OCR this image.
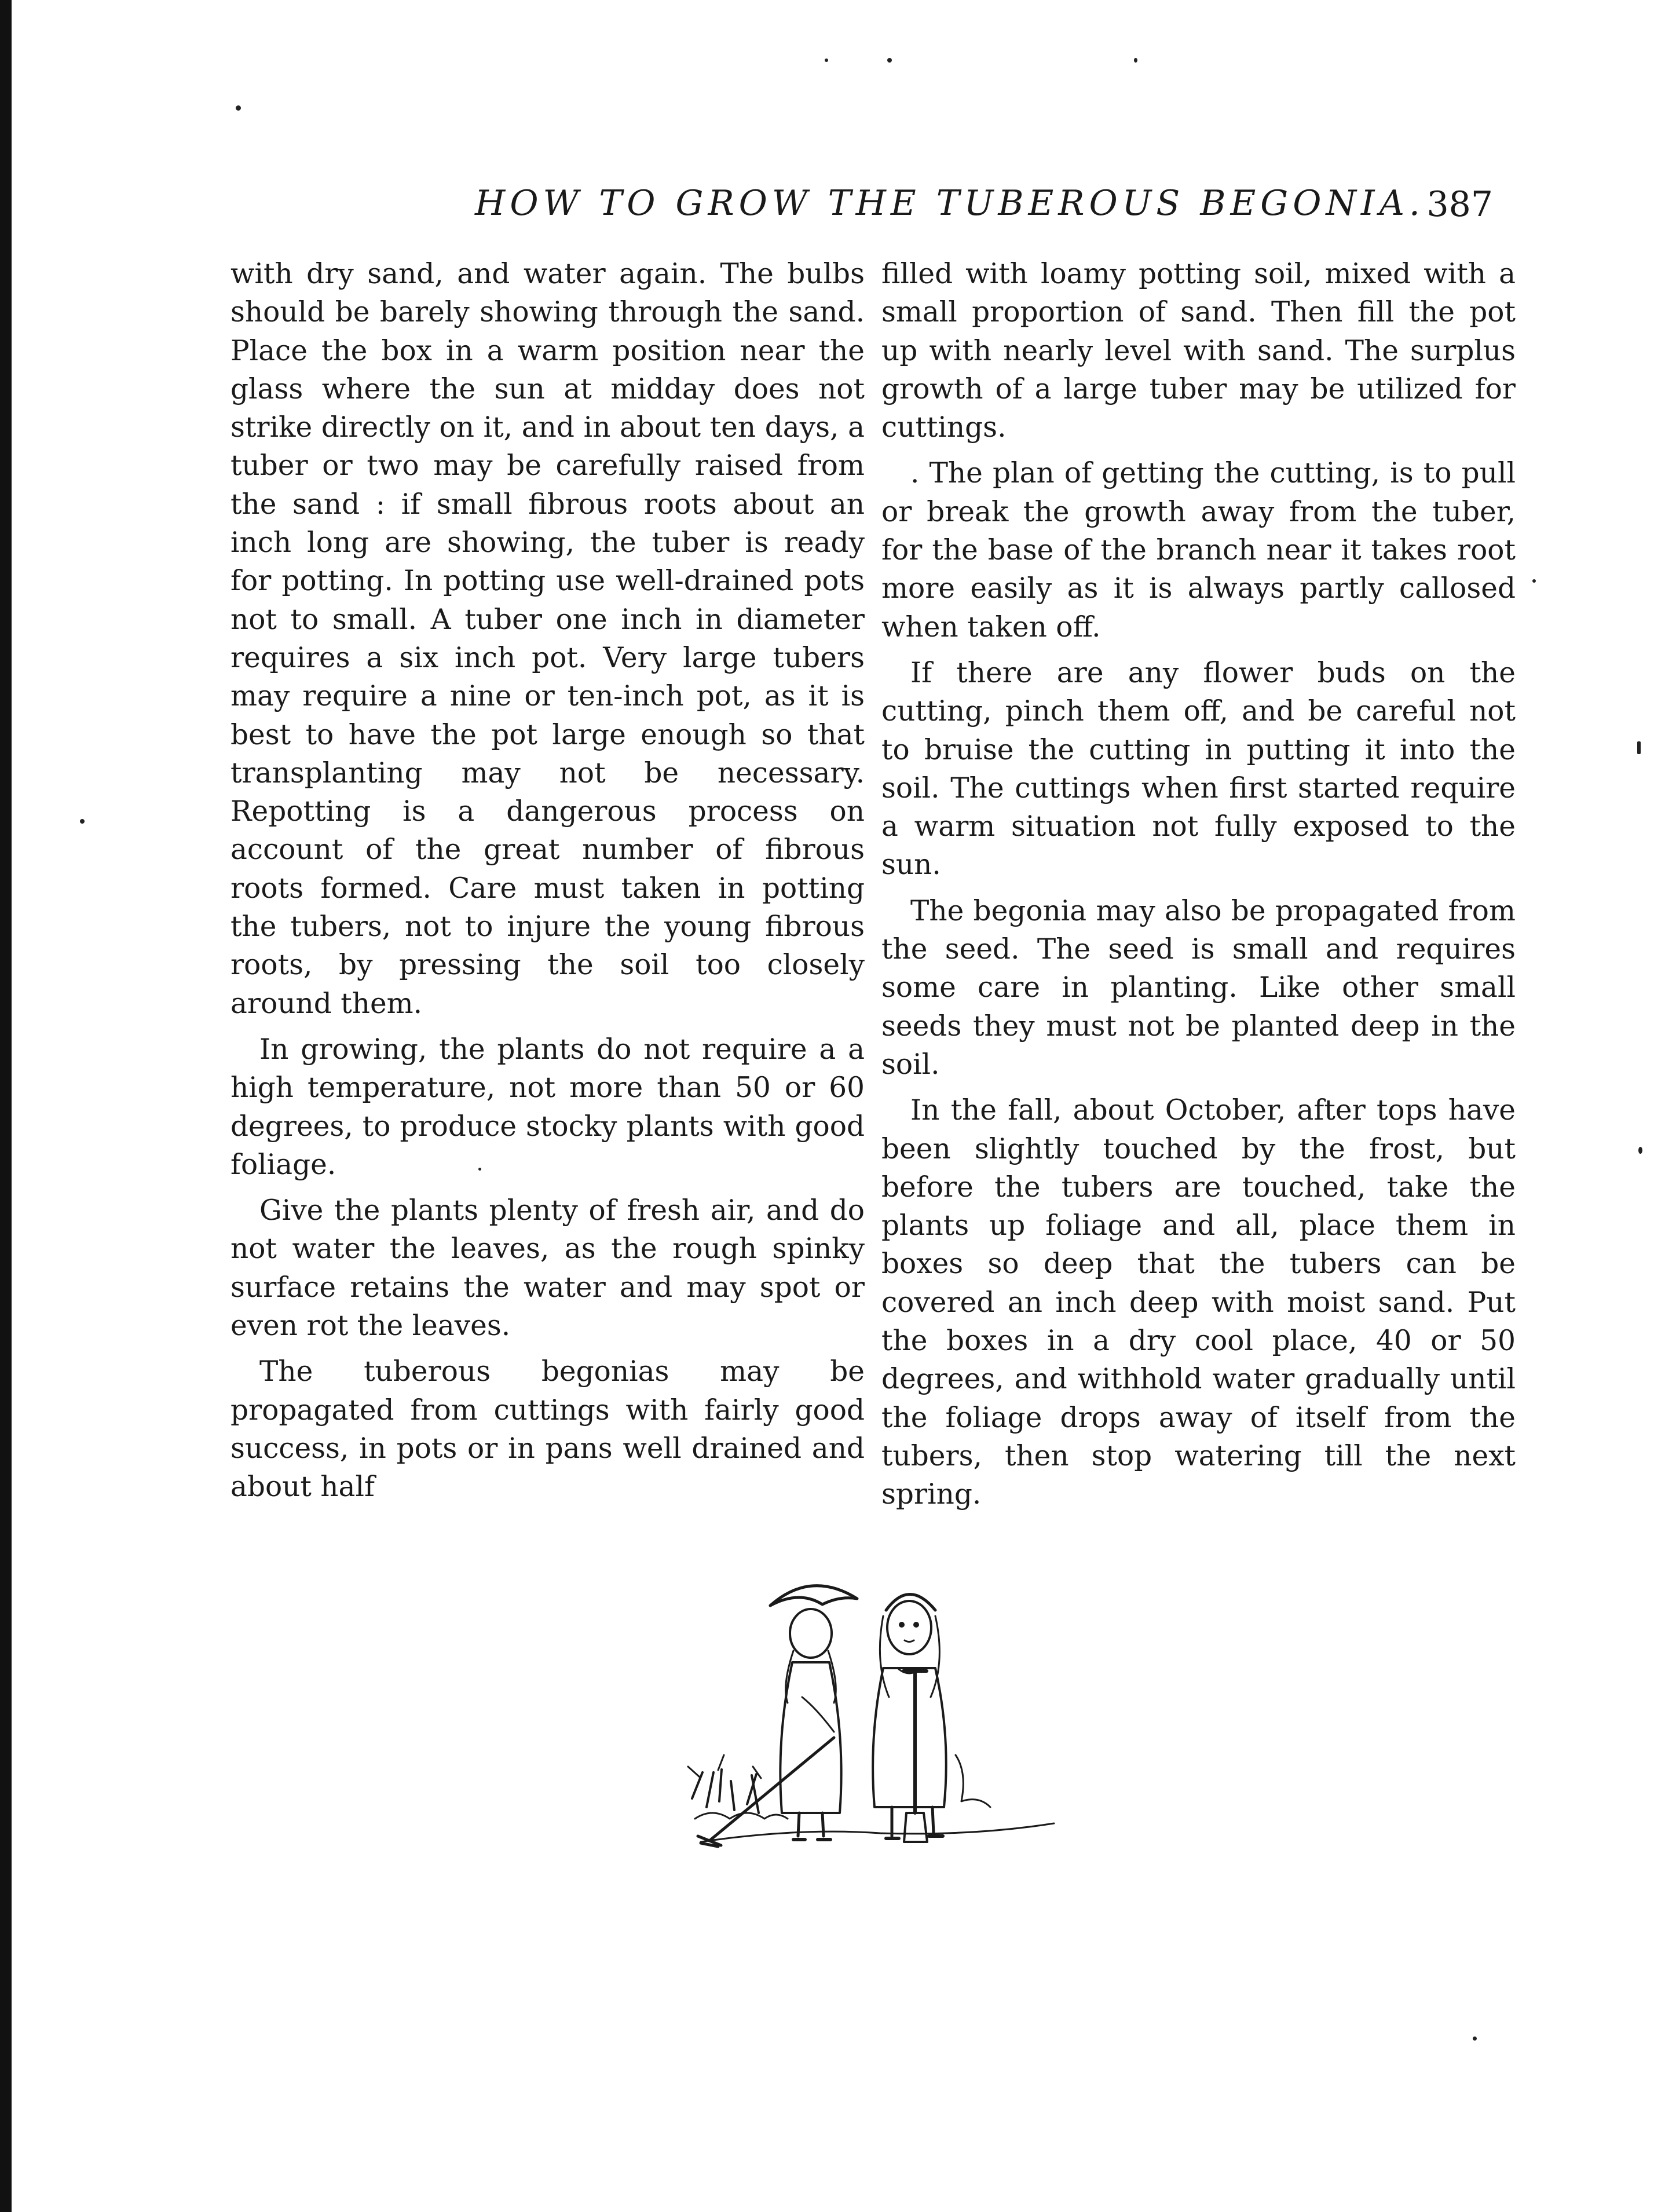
HOW TO GROW THE TUBEROUS BEGONIA. 387

with dry sand, and water again. The bulbs should be barely showing through the sand. Place the box in a warm position near the glass where the sun at midday does not strike directly on it, and in about ten days, a tuber or two may be carefully raised from the sand : if small fibrous roots about an inch long are showing, the tuber is ready for potting. In potting use well-drained pots not to small. A tuber one inch in diameter requires a six inch pot. Very large tubers may require a nine or ten-inch pot, as it is best to have the pot large enough so that transplanting may not be necessary. Repotting is a dangerous process on account of the great number of fibrous roots formed. Care must taken in potting the tubers, not to injure the young fibrous roots, by pressing the soil too closely around them.

In growing, the plants do not require a a high temperature, not more than 50 or 60 degrees, to produce stocky plants with good foliage.

Give the plants plenty of fresh air, and do not water the leaves, as the rough spinky surface retains the water and may spot or even rot the leaves.

The tuberous begonias may be propagated from cuttings with fairly good success, in pots or in pans well drained and about half

filled with loamy potting soil, mixed with a small proportion of sand. Then fill the pot up with nearly level with sand. The surplus growth of a large tuber may be utilized for cuttings.

. The plan of getting the cutting, is to pull or break the growth away from the tuber, for the base of the branch near it takes root more easily as it is always partly callosed when taken off.

If there are any flower buds on the cutting, pinch them off, and be careful not to bruise the cutting in putting it into the soil. The cuttings when first started require a warm situation not fully exposed to the sun.

The begonia may also be propagated from the seed. The seed is small and requires some care in planting. Like other small seeds they must not be planted deep in the soil.

In the fall, about October, after tops have been slightly touched by the frost, but before the tubers are touched, take the plants up foliage and all, place them in boxes so deep that the tubers can be covered an inch deep with moist sand. Put the boxes in a dry cool place, 40 or 50 degrees, and withhold water gradually until the foliage drops away of itself from the tubers, then stop watering till the next spring.
